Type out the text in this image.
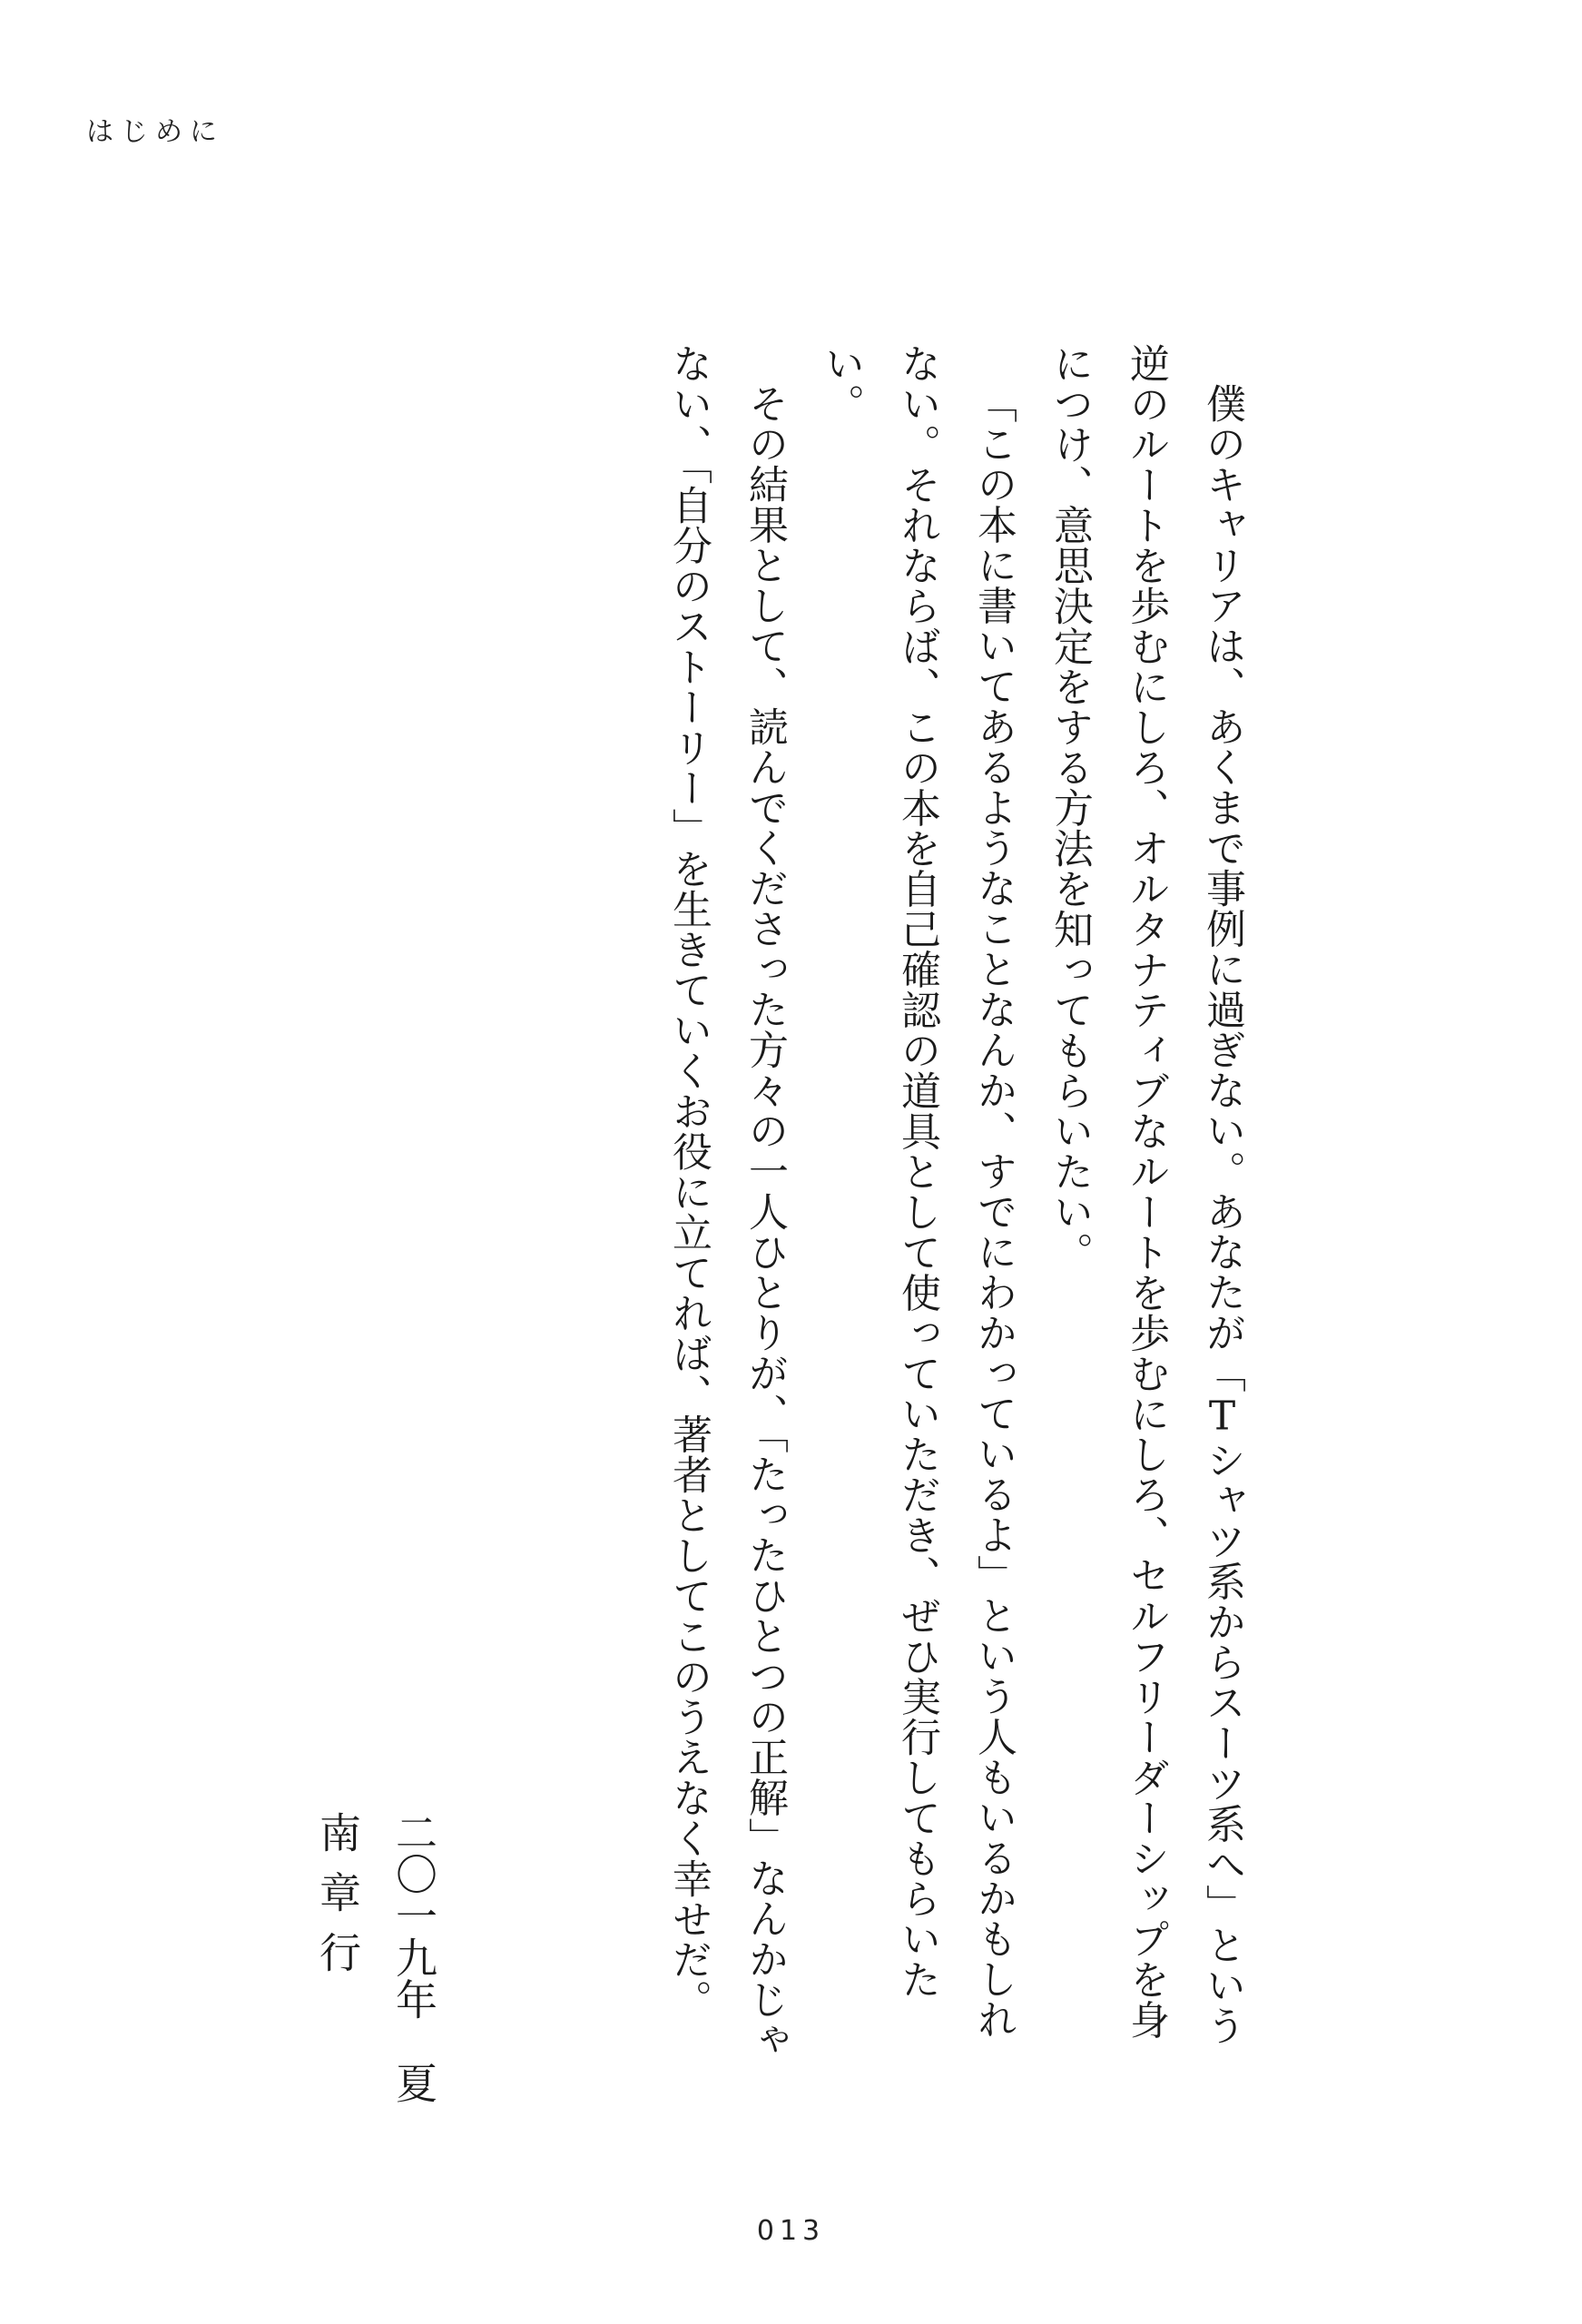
はじめに

僕のキャリアは、あくまで事例に過ぎない。あなたが「Tシャツ系からスーツ系へ」という逆のルートを歩むにしろ、オルタナティブなルートを歩むにしろ、セルフリーダーシップを身につけ、意思決定をする方法を知ってもらいたい。

「この本に書いてあるようなことなんか、すでにわかっているよ」という人もいるかもしれない。それならば、この本を自己確認の道具として使っていただき、ぜひ実行してもらいたい。

その結果として、読んでくださった方々の一人ひとりが、「たったひとつの正解」なんかじゃない、「自分のストーリー」を生きていくお役に立てれば、著者としてこのうえなく幸せだ。

二〇一九年　夏
南章行
013
